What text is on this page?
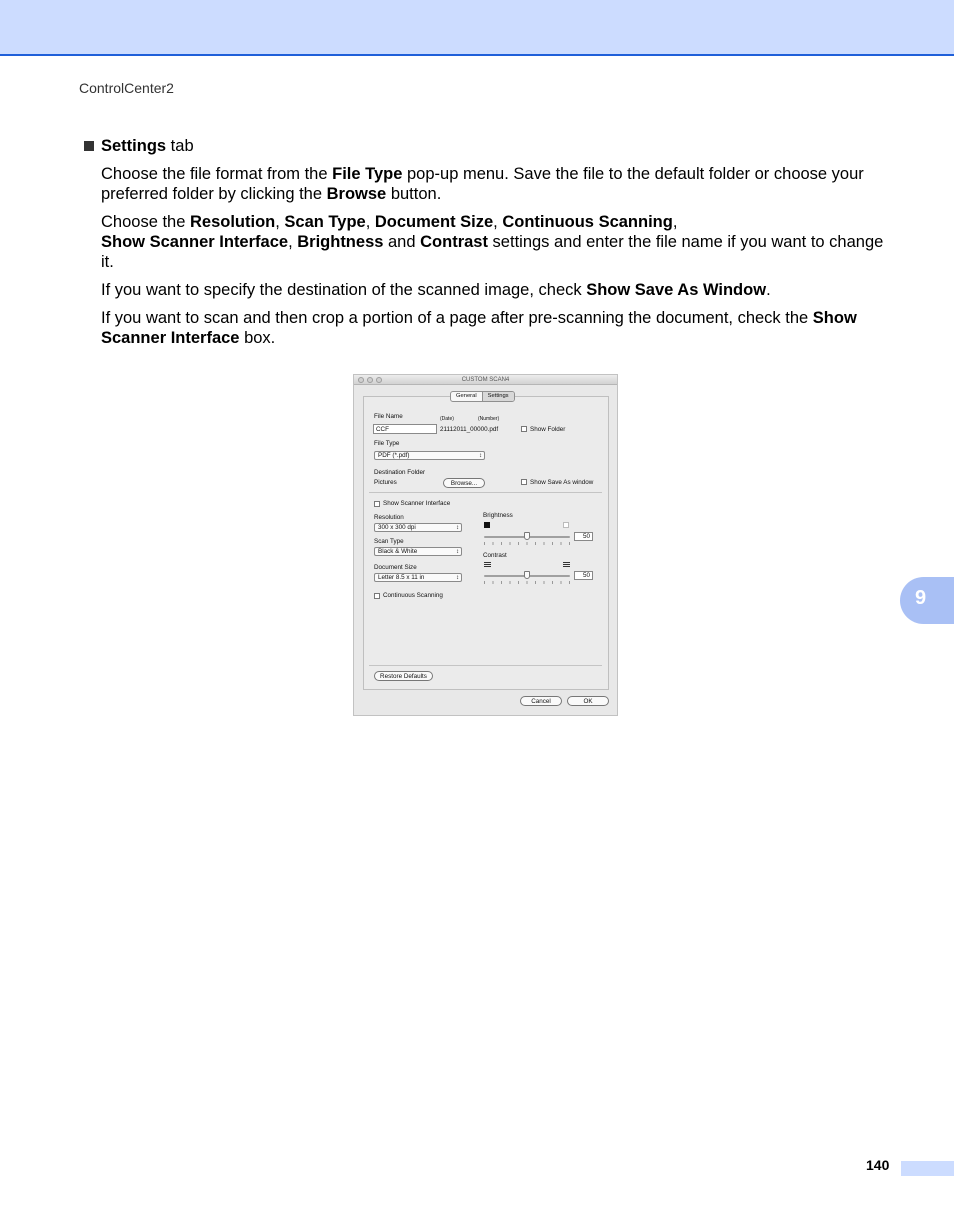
ControlCenter2
Settings tab

Choose the file format from the File Type pop-up menu. Save the file to the default folder or choose your preferred folder by clicking the Browse button.

Choose the Resolution, Scan Type, Document Size, Continuous Scanning,
Show Scanner Interface, Brightness and Contrast settings and enter the file name if you want to change it.

If you want to specify the destination of the scanned image, check Show Save As Window.

If you want to scan and then crop a portion of a page after pre-scanning the document, check the Show Scanner Interface box.

CUSTOM SCAN4
General	Settings
File Name	(Date)	(Number)
CCF	21112011_00000.pdf	Show Folder
File Type
PDF (*.pdf) ↕
Destination Folder
Pictures	Browse...	Show Save As window
Show Scanner Interface
Resolution
300 x 300 dpi ↕
Scan Type
Black & White ↕
Document Size
Letter 8.5 x 11 in ↕
Continuous Scanning
Brightness
50
Contrast
50
Restore Defaults
Cancel	OK
9
140
